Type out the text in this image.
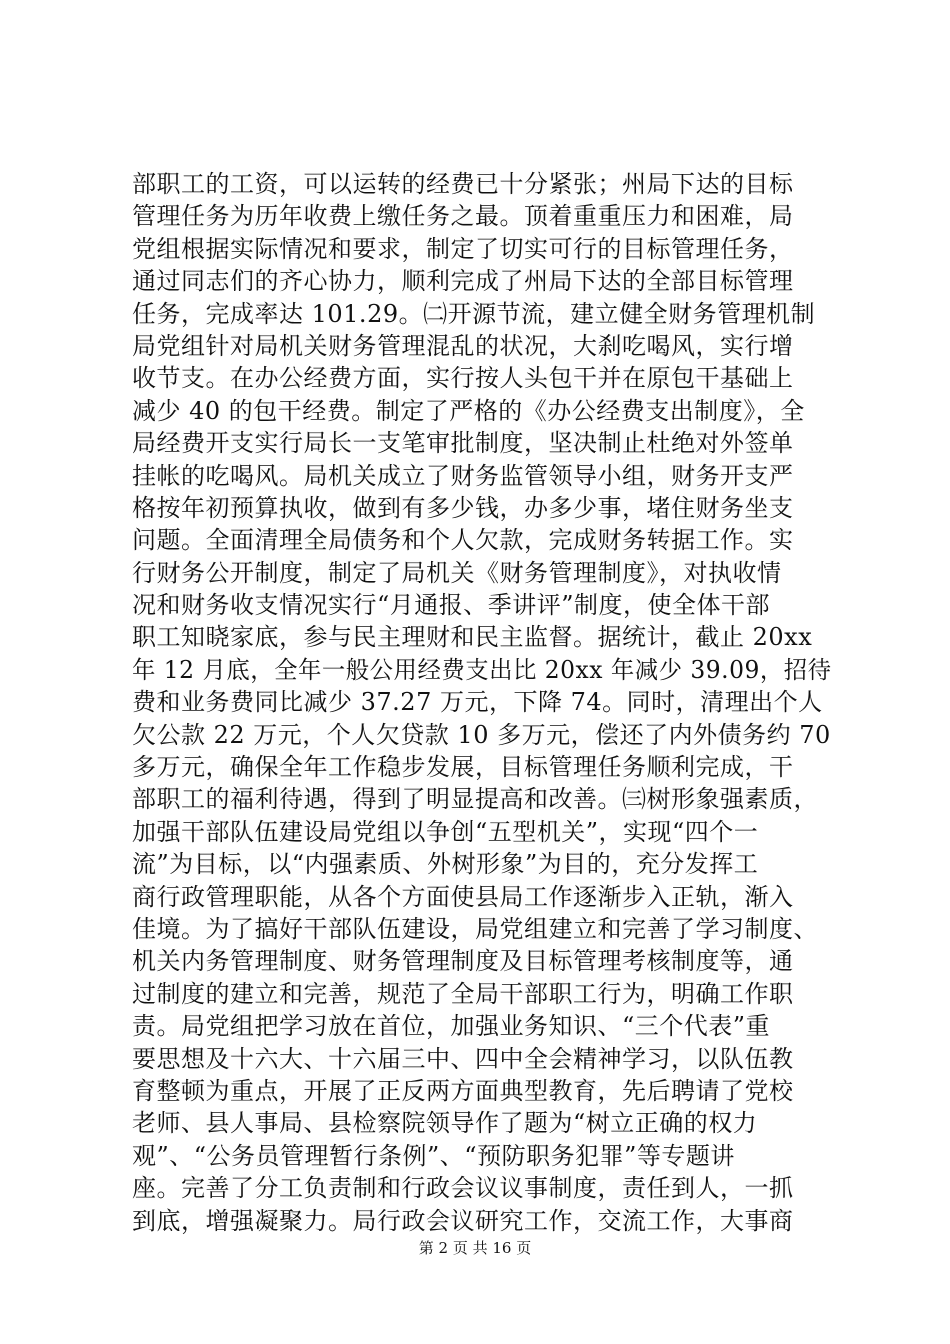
部职工的工资，可以运转的经费已十分紧张；州局下达的目标
管理任务为历年收费上缴任务之最。顶着重重压力和困难，局
党组根据实际情况和要求，制定了切实可行的目标管理任务，
通过同志们的齐心协力，顺利完成了州局下达的全部目标管理
任务，完成率达 101.29。㈡开源节流，建立健全财务管理机制
局党组针对局机关财务管理混乱的状况，大刹吃喝风，实行增
收节支。在办公经费方面，实行按人头包干并在原包干基础上
减少 40 的包干经费。制定了严格的《办公经费支出制度》，全
局经费开支实行局长一支笔审批制度，坚决制止杜绝对外签单
挂帐的吃喝风。局机关成立了财务监管领导小组，财务开支严
格按年初预算执收，做到有多少钱，办多少事，堵住财务坐支
问题。全面清理全局债务和个人欠款，完成财务转据工作。实
行财务公开制度，制定了局机关《财务管理制度》，对执收情
况和财务收支情况实行“月通报、季讲评”制度，使全体干部
职工知晓家底，参与民主理财和民主监督。据统计，截止 20xx
年 12 月底，全年一般公用经费支出比 20xx 年减少 39.09，招待
费和业务费同比减少 37.27 万元，下降 74。同时，清理出个人
欠公款 22 万元，个人欠贷款 10 多万元，偿还了内外债务约 70
多万元，确保全年工作稳步发展，目标管理任务顺利完成，干
部职工的福利待遇，得到了明显提高和改善。㈢树形象强素质，
加强干部队伍建设局党组以争创“五型机关”，实现“四个一
流”为目标，以“内强素质、外树形象”为目的，充分发挥工
商行政管理职能，从各个方面使县局工作逐渐步入正轨，渐入
佳境。为了搞好干部队伍建设，局党组建立和完善了学习制度、
机关内务管理制度、财务管理制度及目标管理考核制度等，通
过制度的建立和完善，规范了全局干部职工行为，明确工作职
责。局党组把学习放在首位，加强业务知识、“三个代表”重
要思想及十六大、十六届三中、四中全会精神学习，以队伍教
育整顿为重点，开展了正反两方面典型教育，先后聘请了党校
老师、县人事局、县检察院领导作了题为“树立正确的权力
观”、“公务员管理暂行条例”、“预防职务犯罪”等专题讲
座。完善了分工负责制和行政会议议事制度，责任到人，一抓
到底，增强凝聚力。局行政会议研究工作，交流工作，大事商
第 2 页 共 16 页
